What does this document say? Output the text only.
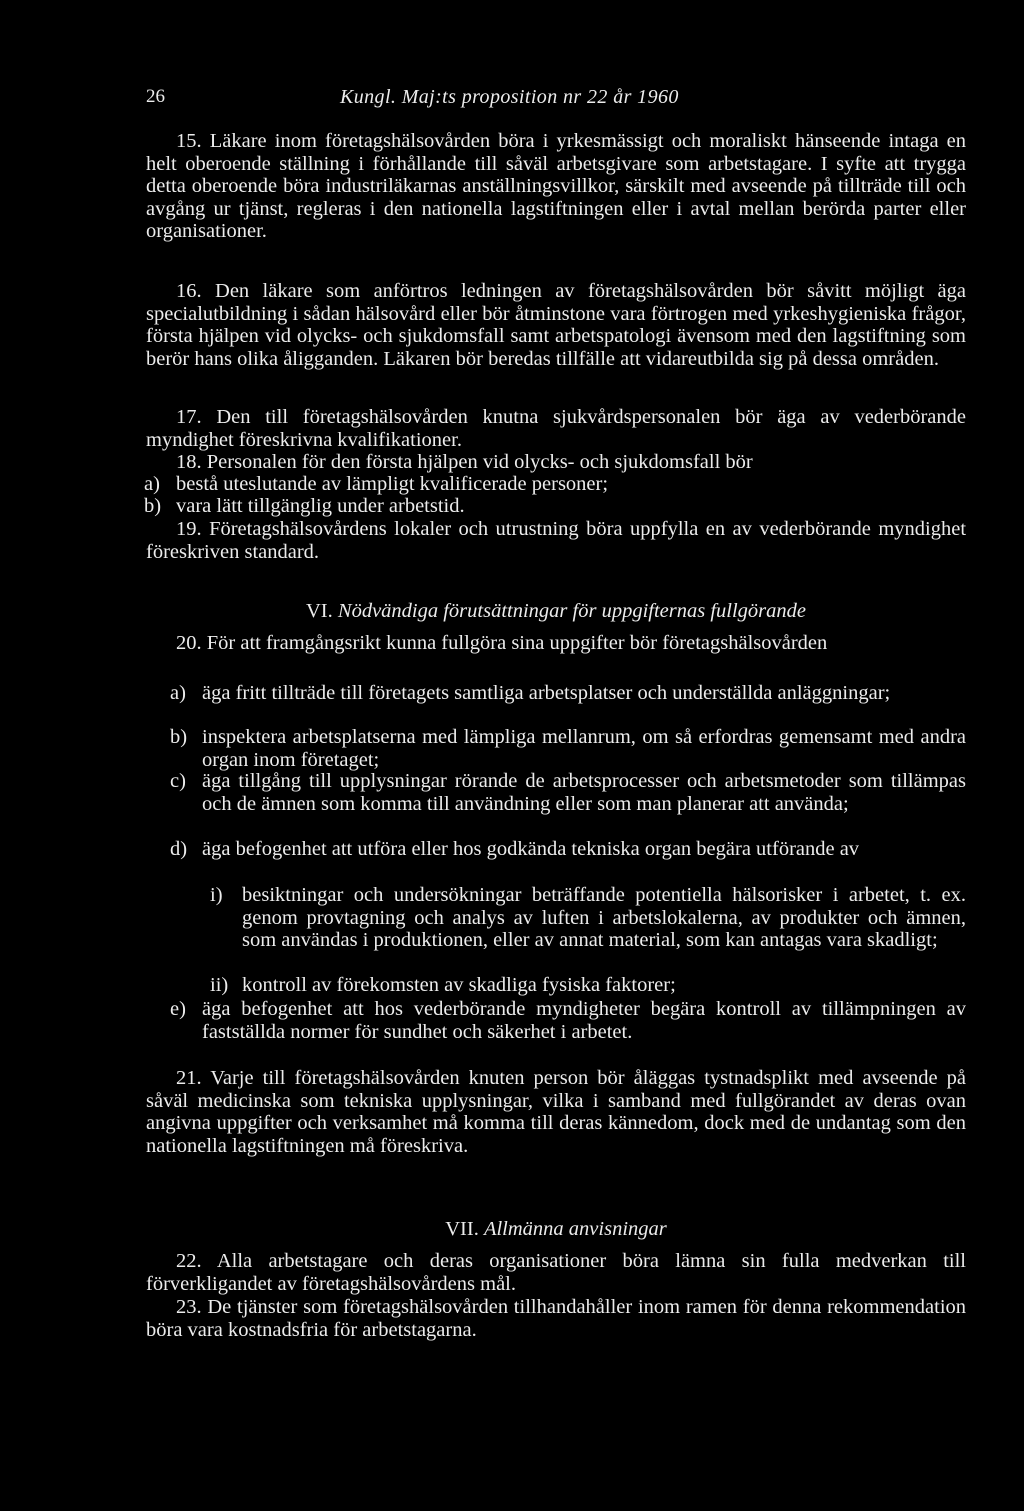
26	Kungl. Maj:ts proposition nr 22 år 1960
15. Läkare inom företagshälsovården böra i yrkesmässigt och moraliskt hänseende intaga en helt oberoende ställning i förhållande till såväl arbetsgivare som arbetstagare. I syfte att trygga detta oberoende böra industriläkarnas anställningsvillkor, särskilt med avseende på tillträde till och avgång ur tjänst, regleras i den nationella lagstiftningen eller i avtal mellan berörda parter eller organisationer.
16. Den läkare som anförtros ledningen av företagshälsovården bör såvitt möjligt äga specialutbildning i sådan hälsovård eller bör åtminstone vara förtrogen med yrkeshygieniska frågor, första hjälpen vid olycks- och sjukdomsfall samt arbetspatologi ävensom med den lagstiftning som berör hans olika åligganden. Läkaren bör beredas tillfälle att vidareutbilda sig på dessa områden.
17. Den till företagshälsovården knutna sjukvårdspersonalen bör äga av vederbörande myndighet föreskrivna kvalifikationer.
18. Personalen för den första hjälpen vid olycks- och sjukdomsfall bör
a) bestå uteslutande av lämpligt kvalificerade personer;
b) vara lätt tillgänglig under arbetstid.
19. Företagshälsovårdens lokaler och utrustning böra uppfylla en av vederbörande myndighet föreskriven standard.
VI. Nödvändiga förutsättningar för uppgifternas fullgörande
20. För att framgångsrikt kunna fullgöra sina uppgifter bör företagshälsovården
a) äga fritt tillträde till företagets samtliga arbetsplatser och underställda anläggningar;
b) inspektera arbetsplatserna med lämpliga mellanrum, om så erfordras gemensamt med andra organ inom företaget;
c) äga tillgång till upplysningar rörande de arbetsprocesser och arbetsmetoder som tillämpas och de ämnen som komma till användning eller som man planerar att använda;
d) äga befogenhet att utföra eller hos godkända tekniska organ begära utförande av
i) besiktningar och undersökningar beträffande potentiella hälsorisker i arbetet, t. ex. genom provtagning och analys av luften i arbetslokalerna, av produkter och ämnen, som användas i produktionen, eller av annat material, som kan antagas vara skadligt;
ii) kontroll av förekomsten av skadliga fysiska faktorer;
e) äga befogenhet att hos vederbörande myndigheter begära kontroll av tillämpningen av fastställda normer för sundhet och säkerhet i arbetet.
21. Varje till företagshälsovården knuten person bör åläggas tystnadsplikt med avseende på såväl medicinska som tekniska upplysningar, vilka i samband med fullgörandet av deras ovan angivna uppgifter och verksamhet må komma till deras kännedom, dock med de undantag som den nationella lagstiftningen må föreskriva.
VII. Allmänna anvisningar
22. Alla arbetstagare och deras organisationer böra lämna sin fulla medverkan till förverkligandet av företagshälsovårdens mål.
23. De tjänster som företagshälsovården tillhandahåller inom ramen för denna rekommendation böra vara kostnadsfria för arbetstagarna.
